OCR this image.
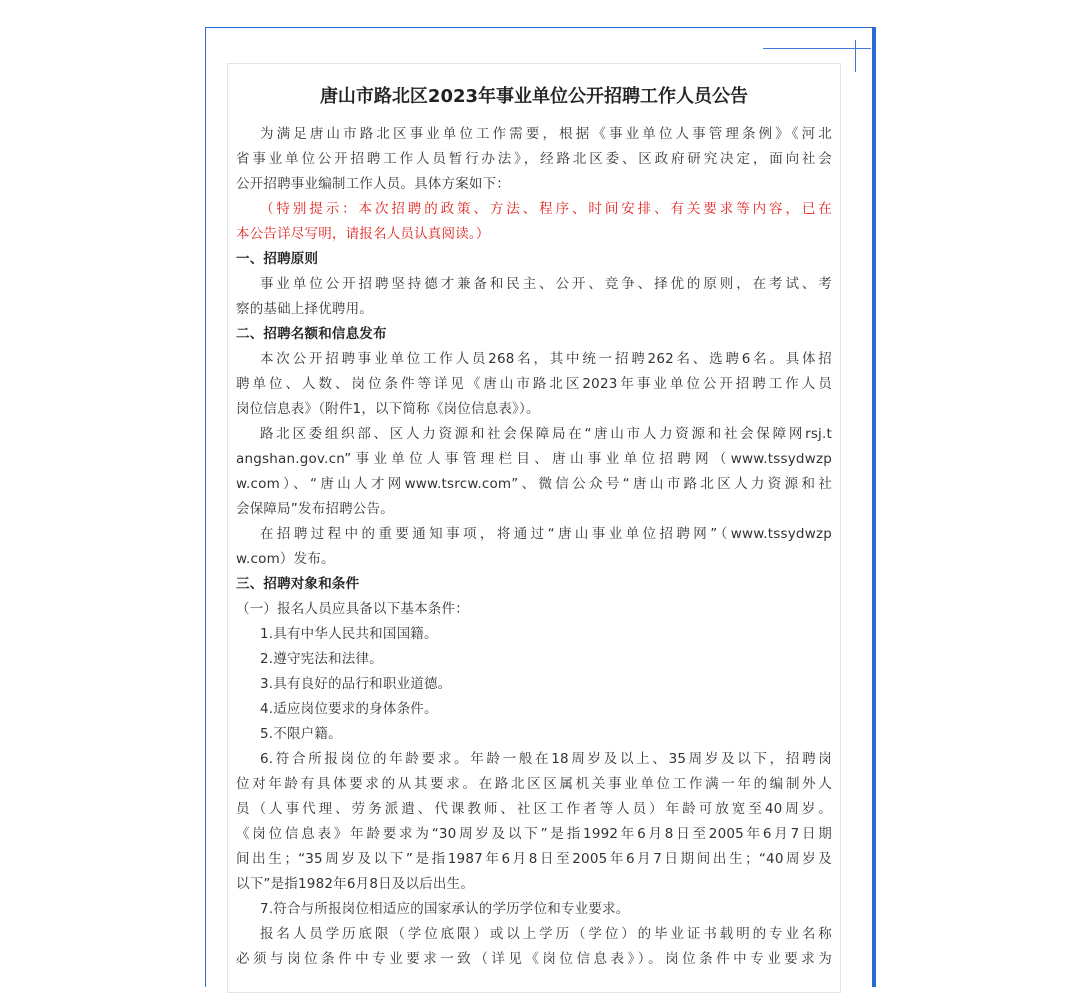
唐山市路北区2023年事业单位公开招聘工作人员公告
为满足唐山市路北区事业单位工作需要，根据《事业单位人事管理条例》《河北
省事业单位公开招聘工作人员暂行办法》，经路北区委、区政府研究决定，面向社会
公开招聘事业编制工作人员。具体方案如下：
（特别提示：本次招聘的政策、方法、程序、时间安排、有关要求等内容，已在
本公告详尽写明，请报名人员认真阅读。）
一、招聘原则
事业单位公开招聘坚持德才兼备和民主、公开、竞争、择优的原则，在考试、考
察的基础上择优聘用。
二、招聘名额和信息发布
本次公开招聘事业单位工作人员268名，其中统一招聘262名、选聘6名。具体招
聘单位、人数、岗位条件等详见《唐山市路北区2023年事业单位公开招聘工作人员
岗位信息表》（附件1，以下简称《岗位信息表》）。
路北区委组织部、区人力资源和社会保障局在“唐山市人力资源和社会保障网rsj.t
angshan.gov.cn”事业单位人事管理栏目、唐山事业单位招聘网（www.tssydwzp
w.com）、“唐山人才网www.tsrcw.com”、微信公众号“唐山市路北区人力资源和社
会保障局”发布招聘公告。
在招聘过程中的重要通知事项，将通过“唐山事业单位招聘网”（www.tssydwzp
w.com）发布。
三、招聘对象和条件
（一）报名人员应具备以下基本条件：
1.具有中华人民共和国国籍。
2.遵守宪法和法律。
3.具有良好的品行和职业道德。
4.适应岗位要求的身体条件。
5.不限户籍。
6.符合所报岗位的年龄要求。年龄一般在18周岁及以上、35周岁及以下，招聘岗
位对年龄有具体要求的从其要求。在路北区区属机关事业单位工作满一年的编制外人
员（人事代理、劳务派遣、代课教师、社区工作者等人员）年龄可放宽至40周岁。
《岗位信息表》年龄要求为“30周岁及以下”是指1992年6月8日至2005年6月7日期
间出生；“35周岁及以下”是指1987年6月8日至2005年6月7日期间出生；“40周岁及
以下”是指1982年6月8日及以后出生。
7.符合与所报岗位相适应的国家承认的学历学位和专业要求。
报名人员学历底限（学位底限）或以上学历（学位）的毕业证书载明的专业名称
必须与岗位条件中专业要求一致（详见《岗位信息表》）。岗位条件中专业要求为
